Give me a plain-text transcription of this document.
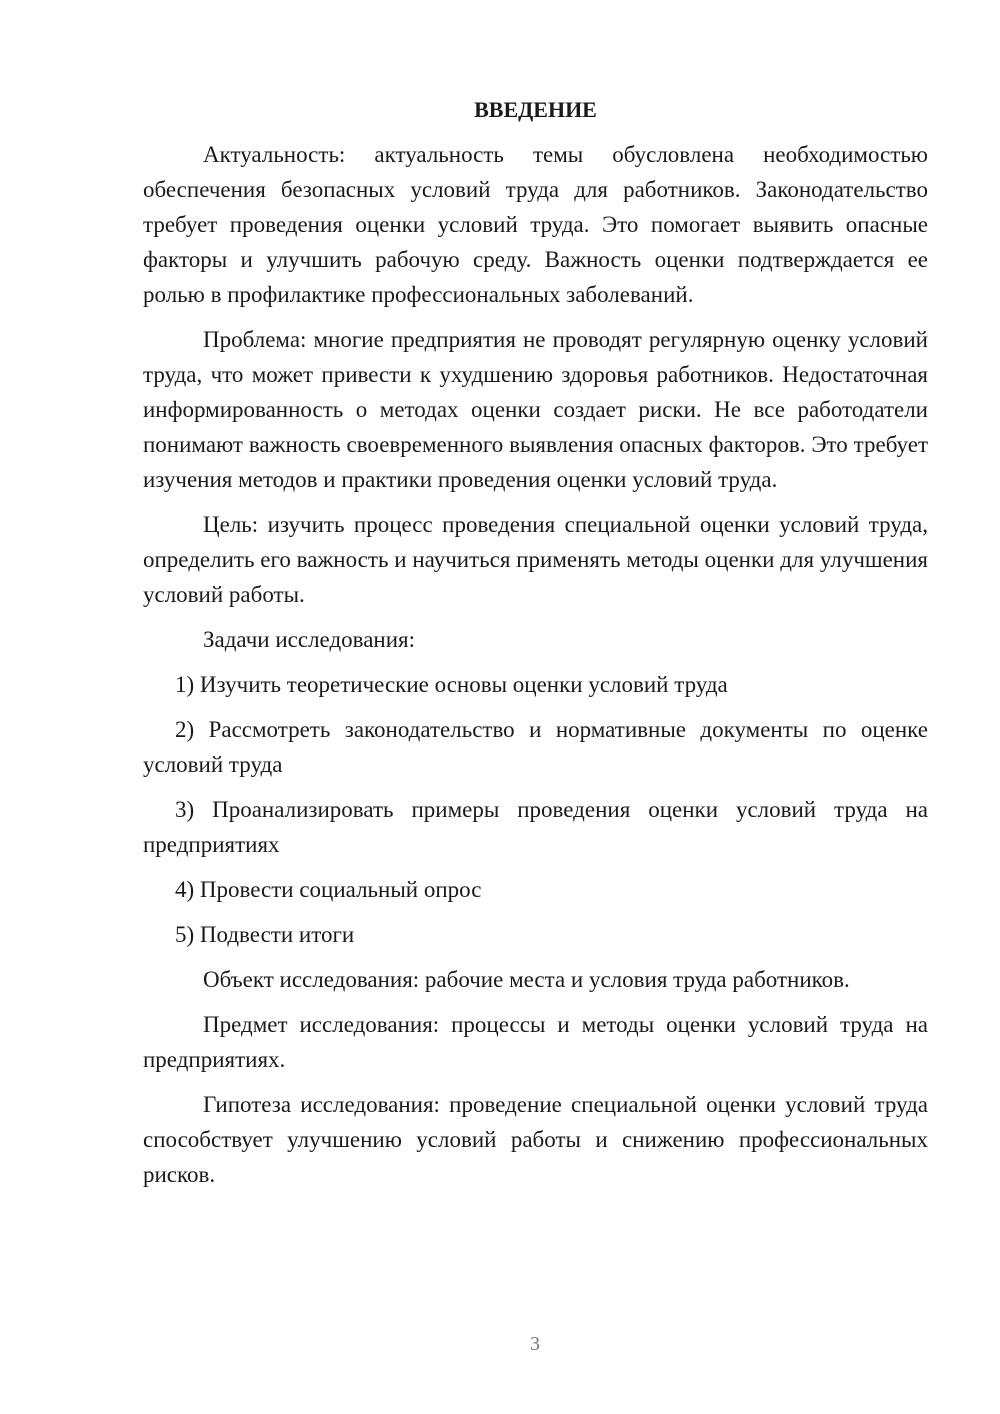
ВВЕДЕНИЕ

Актуальность: актуальность темы обусловлена необходимостью обеспечения безопасных условий труда для работников. Законодательство требует проведения оценки условий труда. Это помогает выявить опасные факторы и улучшить рабочую среду. Важность оценки подтверждается ее ролью в профилактике профессиональных заболеваний.

Проблема: многие предприятия не проводят регулярную оценку условий труда, что может привести к ухудшению здоровья работников. Недостаточная информированность о методах оценки создает риски. Не все работодатели понимают важность своевременного выявления опасных факторов. Это требует изучения методов и практики проведения оценки условий труда.

Цель: изучить процесс проведения специальной оценки условий труда, определить его важность и научиться применять методы оценки для улучшения условий работы.

Задачи исследования:

1) Изучить теоретические основы оценки условий труда

2) Рассмотреть законодательство и нормативные документы по оценке условий труда

3) Проанализировать примеры проведения оценки условий труда на предприятиях

4) Провести социальный опрос

5) Подвести итоги

Объект исследования: рабочие места и условия труда работников.

Предмет исследования: процессы и методы оценки условий труда на предприятиях.

Гипотеза исследования: проведение специальной оценки условий труда способствует улучшению условий работы и снижению профессиональных рисков.

3
